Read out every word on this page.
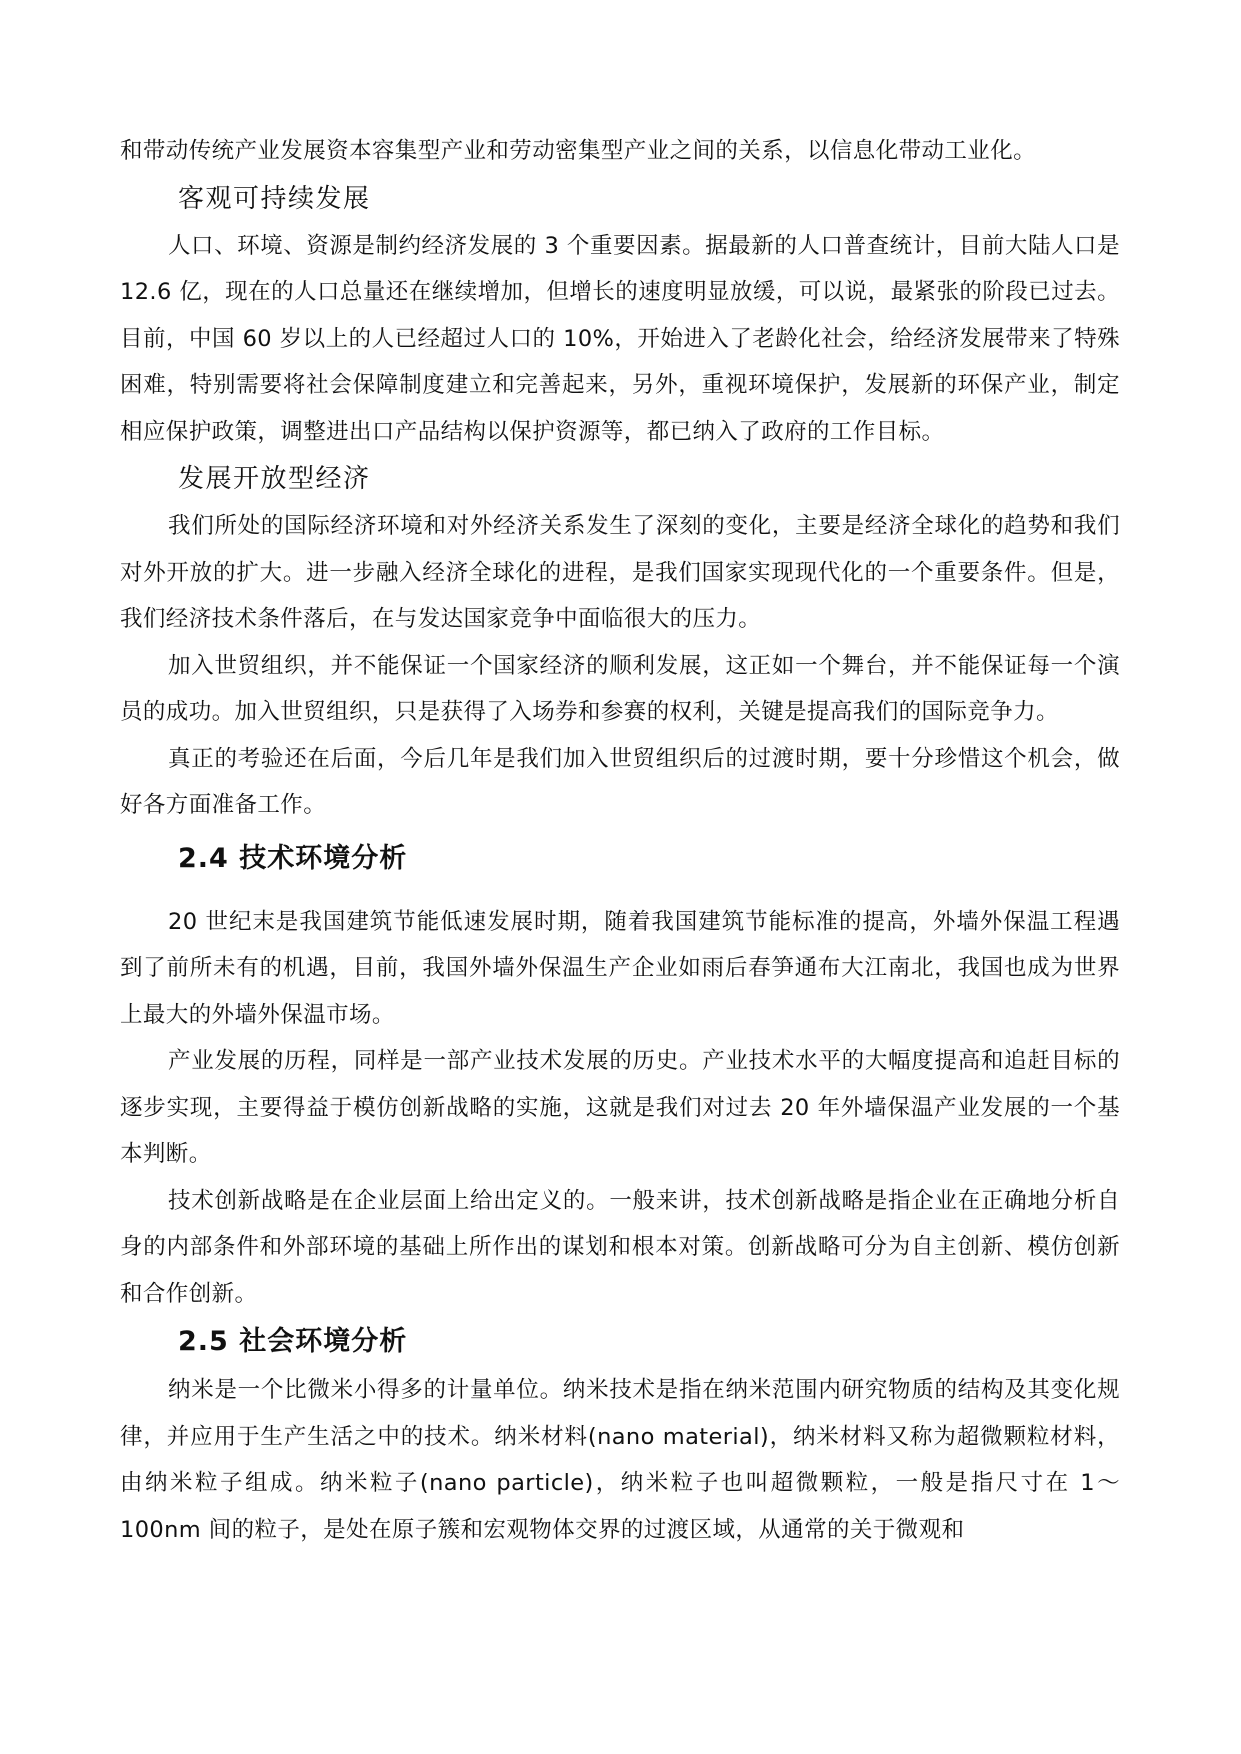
和带动传统产业发展资本容集型产业和劳动密集型产业之间的关系，以信息化带动工业化。

客观可持续发展

人口、环境、资源是制约经济发展的 3 个重要因素。据最新的人口普查统计，目前大陆人口是 12.6 亿，现在的人口总量还在继续增加，但增长的速度明显放缓，可以说，最紧张的阶段已过去。目前，中国 60 岁以上的人已经超过人口的 10%，开始进入了老龄化社会，给经济发展带来了特殊困难，特别需要将社会保障制度建立和完善起来，另外，重视环境保护，发展新的环保产业，制定相应保护政策，调整进出口产品结构以保护资源等，都已纳入了政府的工作目标。

发展开放型经济

我们所处的国际经济环境和对外经济关系发生了深刻的变化，主要是经济全球化的趋势和我们对外开放的扩大。进一步融入经济全球化的进程，是我们国家实现现代化的一个重要条件。但是，我们经济技术条件落后，在与发达国家竞争中面临很大的压力。

加入世贸组织，并不能保证一个国家经济的顺利发展，这正如一个舞台，并不能保证每一个演员的成功。加入世贸组织，只是获得了入场券和参赛的权利，关键是提高我们的国际竞争力。

真正的考验还在后面，今后几年是我们加入世贸组织后的过渡时期，要十分珍惜这个机会，做好各方面准备工作。

2.4 技术环境分析

20 世纪末是我国建筑节能低速发展时期，随着我国建筑节能标准的提高，外墙外保温工程遇到了前所未有的机遇，目前，我国外墙外保温生产企业如雨后春笋通布大江南北，我国也成为世界上最大的外墙外保温市场。

产业发展的历程，同样是一部产业技术发展的历史。产业技术水平的大幅度提高和追赶目标的逐步实现，主要得益于模仿创新战略的实施，这就是我们对过去 20 年外墙保温产业发展的一个基本判断。

技术创新战略是在企业层面上给出定义的。一般来讲，技术创新战略是指企业在正确地分析自身的内部条件和外部环境的基础上所作出的谋划和根本对策。创新战略可分为自主创新、模仿创新和合作创新。

2.5 社会环境分析

纳米是一个比微米小得多的计量单位。纳米技术是指在纳米范围内研究物质的结构及其变化规律，并应用于生产生活之中的技术。纳米材料(nano material)，纳米材料又称为超微颗粒材料，由纳米粒子组成。纳米粒子(nano particle)，纳米粒子也叫超微颗粒，一般是指尺寸在 1～100nm 间的粒子，是处在原子簇和宏观物体交界的过渡区域，从通常的关于微观和
